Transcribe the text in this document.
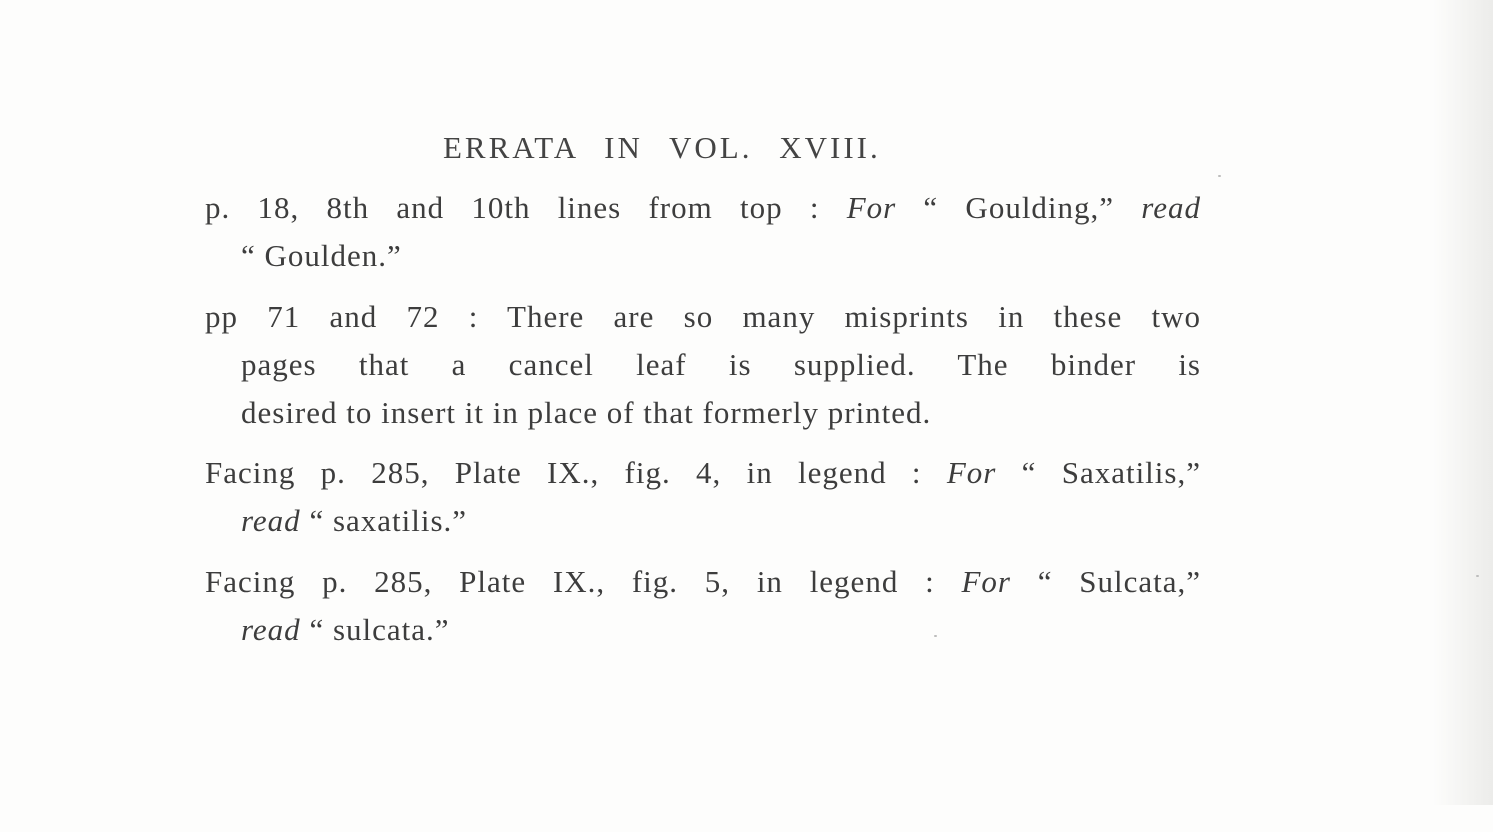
ERRATA IN VOL. XVIII.
p. 18, 8th and 10th lines from top : For “ Goulding,” read
“ Goulden.”
pp 71 and 72 : There are so many misprints in these two
pages that a cancel leaf is supplied. The binder is
desired to insert it in place of that formerly printed.
Facing p. 285, Plate IX., fig. 4, in legend : For “ Saxatilis,”
read “ saxatilis.”
Facing p. 285, Plate IX., fig. 5, in legend : For “ Sulcata,”
read “ sulcata.”
